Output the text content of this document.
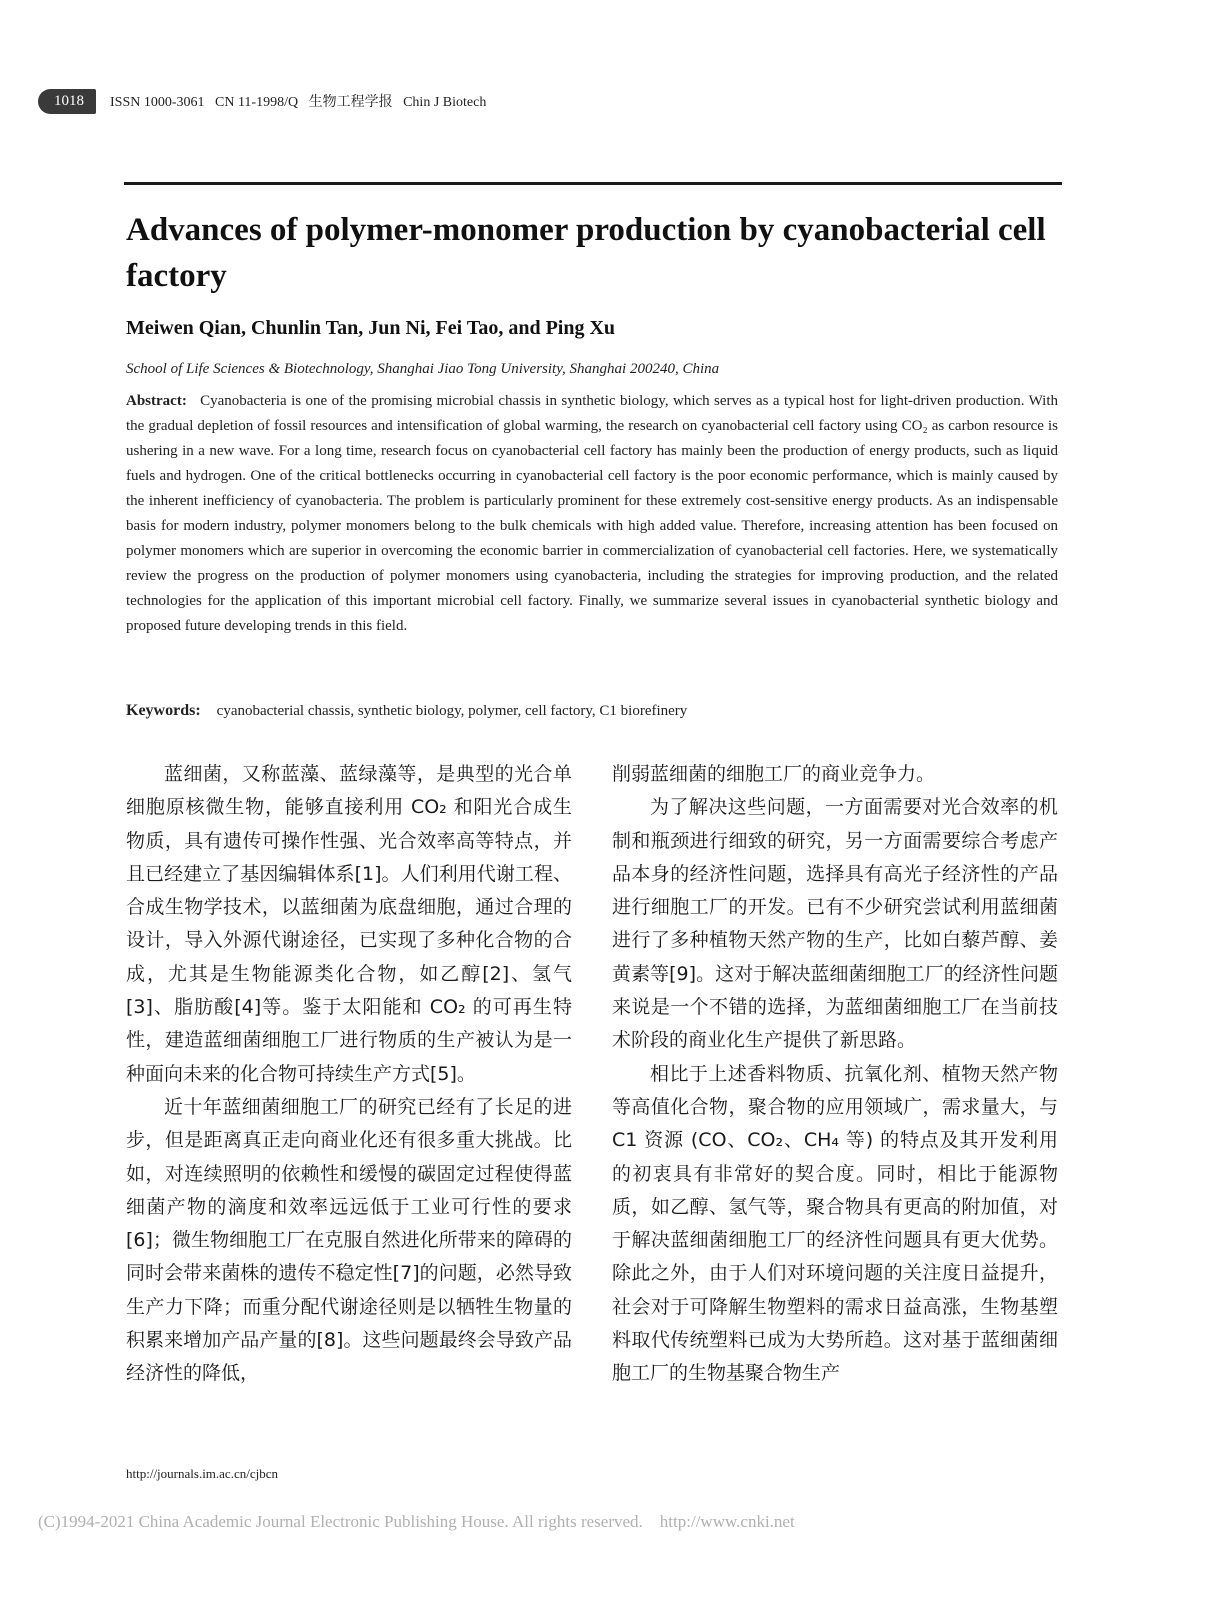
1018	ISSN 1000-3061   CN 11-1998/Q   生物工程学报   Chin J Biotech
Advances of polymer-monomer production by cyanobacterial cell factory

Meiwen Qian, Chunlin Tan, Jun Ni, Fei Tao, and Ping Xu

School of Life Sciences & Biotechnology, Shanghai Jiao Tong University, Shanghai 200240, China

Abstract: Cyanobacteria is one of the promising microbial chassis in synthetic biology, which serves as a typical host for light-driven production. With the gradual depletion of fossil resources and intensification of global warming, the research on cyanobacterial cell factory using CO₂ as carbon resource is ushering in a new wave. For a long time, research focus on cyanobacterial cell factory has mainly been the production of energy products, such as liquid fuels and hydrogen. One of the critical bottlenecks occurring in cyanobacterial cell factory is the poor economic performance, which is mainly caused by the inherent inefficiency of cyanobacteria. The problem is particularly prominent for these extremely cost-sensitive energy products. As an indispensable basis for modern industry, polymer monomers belong to the bulk chemicals with high added value. Therefore, increasing attention has been focused on polymer monomers which are superior in overcoming the economic barrier in commercialization of cyanobacterial cell factories. Here, we systematically review the progress on the production of polymer monomers using cyanobacteria, including the strategies for improving production, and the related technologies for the application of this important microbial cell factory. Finally, we summarize several issues in cyanobacterial synthetic biology and proposed future developing trends in this field.

Keywords: cyanobacterial chassis, synthetic biology, polymer, cell factory, C1 biorefinery

蓝细菌，又称蓝藻、蓝绿藻等，是典型的光合单细胞原核微生物，能够直接利用 CO₂ 和阳光合成生物质，具有遗传可操作性强、光合效率高等特点，并且已经建立了基因编辑体系[1]。人们利用代谢工程、合成生物学技术，以蓝细菌为底盘细胞，通过合理的设计，导入外源代谢途径，已实现了多种化合物的合成，尤其是生物能源类化合物，如乙醇[2]、氢气[3]、脂肪酸[4]等。鉴于太阳能和 CO₂ 的可再生特性，建造蓝细菌细胞工厂进行物质的生产被认为是一种面向未来的化合物可持续生产方式[5]。

近十年蓝细菌细胞工厂的研究已经有了长足的进步，但是距离真正走向商业化还有很多重大挑战。比如，对连续照明的依赖性和缓慢的碳固定过程使得蓝细菌产物的滴度和效率远远低于工业可行性的要求[6]；微生物细胞工厂在克服自然进化所带来的障碍的同时会带来菌株的遗传不稳定性[7]的问题，必然导致生产力下降；而重分配代谢途径则是以牺牲生物量的积累来增加产品产量的[8]。这些问题最终会导致产品经济性的降低，

削弱蓝细菌的细胞工厂的商业竞争力。

为了解决这些问题，一方面需要对光合效率的机制和瓶颈进行细致的研究，另一方面需要综合考虑产品本身的经济性问题，选择具有高光子经济性的产品进行细胞工厂的开发。已有不少研究尝试利用蓝细菌进行了多种植物天然产物的生产，比如白藜芦醇、姜黄素等[9]。这对于解决蓝细菌细胞工厂的经济性问题来说是一个不错的选择，为蓝细菌细胞工厂在当前技术阶段的商业化生产提供了新思路。

相比于上述香料物质、抗氧化剂、植物天然产物等高值化合物，聚合物的应用领域广，需求量大，与 C1 资源 (CO、CO₂、CH₄ 等) 的特点及其开发利用的初衷具有非常好的契合度。同时，相比于能源物质，如乙醇、氢气等，聚合物具有更高的附加值，对于解决蓝细菌细胞工厂的经济性问题具有更大优势。除此之外，由于人们对环境问题的关注度日益提升，社会对于可降解生物塑料的需求日益高涨，生物基塑料取代传统塑料已成为大势所趋。这对基于蓝细菌细胞工厂的生物基聚合物生产

http://journals.im.ac.cn/cjbcn
(C)1994-2021 China Academic Journal Electronic Publishing House. All rights reserved.    http://www.cnki.net
